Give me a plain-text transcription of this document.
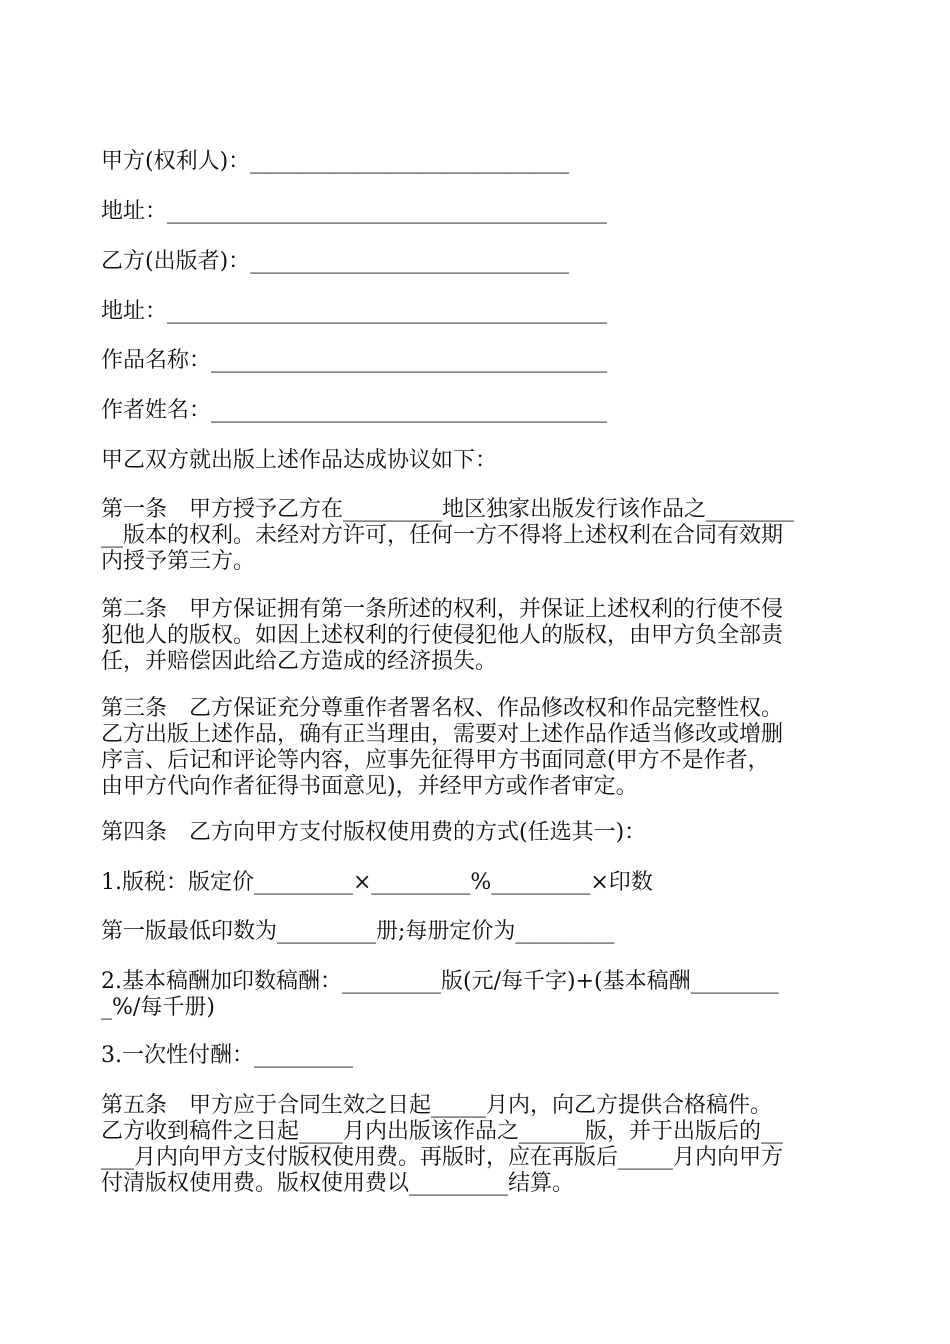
甲方(权利人)：_____________________________
地址：________________________________________
乙方(出版者)：_____________________________
地址：________________________________________
作品名称：____________________________________
作者姓名：____________________________________
甲乙双方就出版上述作品达成协议如下：
第一条　甲方授予乙方在_________地区独家出版发行该作品之________
__版本的权利。未经对方许可，任何一方不得将上述权利在合同有效期
内授予第三方。
第二条　甲方保证拥有第一条所述的权利，并保证上述权利的行使不侵
犯他人的版权。如因上述权利的行使侵犯他人的版权，由甲方负全部责
任，并赔偿因此给乙方造成的经济损失。
第三条　乙方保证充分尊重作者署名权、作品修改权和作品完整性权。
乙方出版上述作品，确有正当理由，需要对上述作品作适当修改或增删
序言、后记和评论等内容，应事先征得甲方书面同意(甲方不是作者，
由甲方代向作者征得书面意见)，并经甲方或作者审定。
第四条　乙方向甲方支付版权使用费的方式(任选其一)：
1.版税：版定价_________×_________%_________×印数
第一版最低印数为_________册;每册定价为_________
2.基本稿酬加印数稿酬：_________版(元/每千字)+(基本稿酬________
_%/每千册)
3.一次性付酬：_________
第五条　甲方应于合同生效之日起_____月内，向乙方提供合格稿件。
乙方收到稿件之日起____月内出版该作品之______版，并于出版后的__
___月内向甲方支付版权使用费。再版时，应在再版后_____月内向甲方
付清版权使用费。版权使用费以_________结算。
